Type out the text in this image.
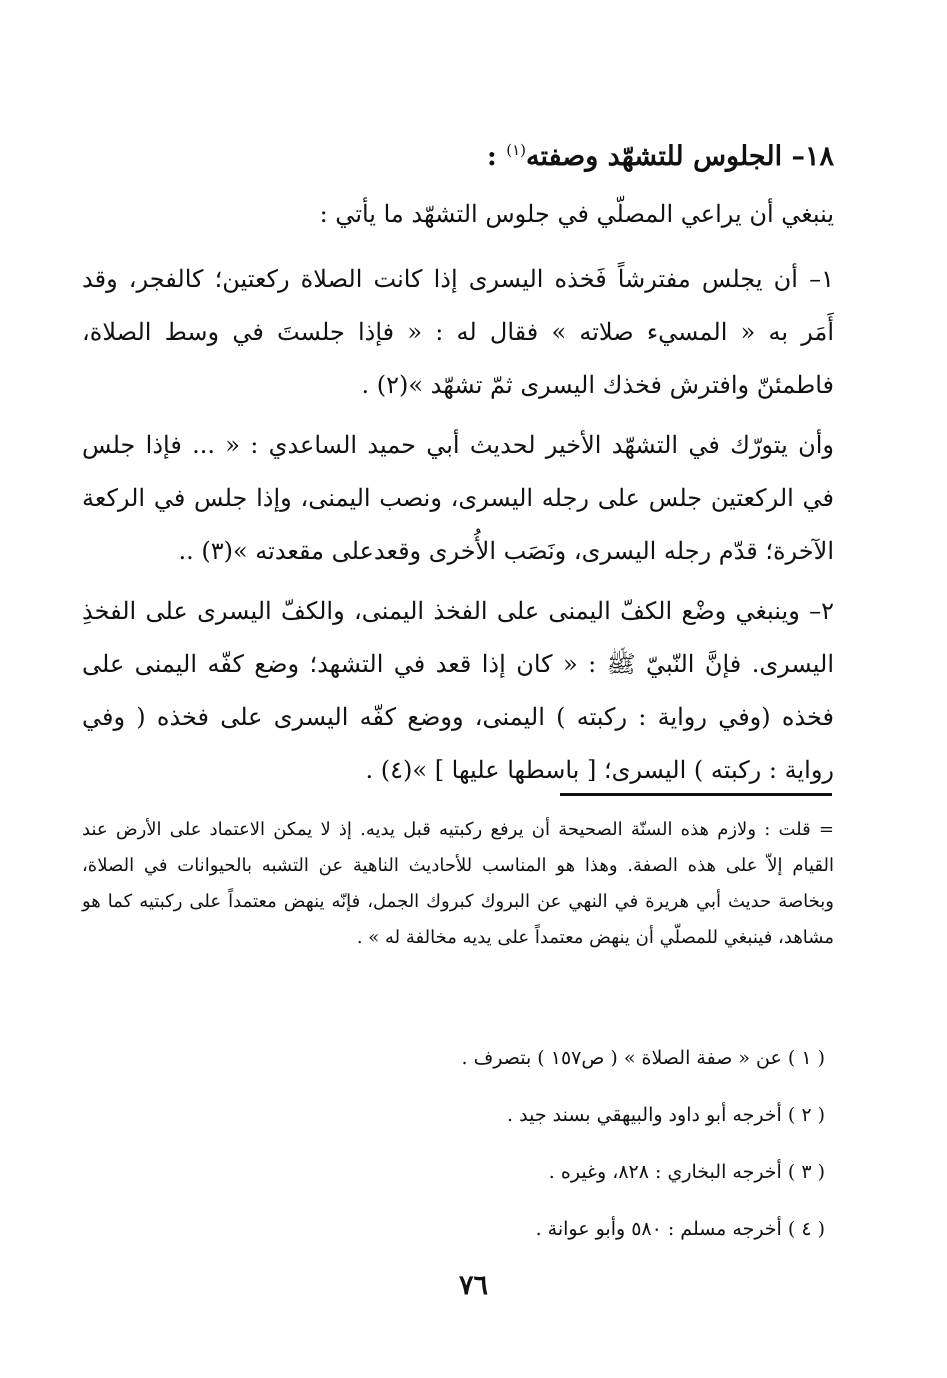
١٨– الجلوس للتشهّد وصفته$^{(١)}$ :
ينبغي أن يراعي المصلّي في جلوس التشهّد ما يأتي :
١– أن يجلس مفترشاً فَخذه اليسرى إذا كانت الصلاة ركعتين؛ كالفجر، وقد أَمَر به « المسيء صلاته » فقال له : « فإذا جلستَ في وسط الصلاة، فاطمئنّ وافترش فخذك اليسرى ثمّ تشهّد »(٢) .
وأن يتورّك في التشهّد الأخير لحديث أبي حميد الساعدي : « ... فإذا جلس في الركعتين جلس على رجله اليسرى، ونصب اليمنى، وإذا جلس في الركعة الآخرة؛ قدّم رجله اليسرى، ونَصَب الأُخرى وقعدعلى مقعدته »(٣) ..
٢– وينبغي وضْع الكفّ اليمنى على الفخذ اليمنى، والكفّ اليسرى على الفخذِ اليسرى. فإنَّ النّبيّ ﷺ : « كان إذا قعد في التشهد؛ وضع كفّه اليمنى على فخذه (وفي رواية : ركبته ) اليمنى، ووضع كفّه اليسرى على فخذه ( وفي رواية : ركبته ) اليسرى؛ [ باسطها عليها ] »(٤) .
= قلت : ولازم هذه السنّة الصحيحة أن يرفع ركبتيه قبل يديه. إذ لا يمكن الاعتماد على الأرض عند القيام إلاّ على هذه الصفة. وهذا هو المناسب للأحاديث الناهية عن التشبه بالحيوانات في الصلاة، وبخاصة حديث أبي هريرة في النهي عن البروك كبروك الجمل، فإنّه ينهض معتمداً على ركبتيه كما هو مشاهد، فينبغي للمصلّي أن ينهض معتمداً على يديه مخالفة له » .
( ١ ) عن « صفة الصلاة » ( ص١٥٧ ) بتصرف .
( ٢ ) أخرجه أبو داود والبيهقي بسند جيد .
( ٣ ) أخرجه البخاري : ٨٢٨، وغيره .
( ٤ ) أخرجه مسلم : ٥٨٠ وأبو عوانة .
٧٦
